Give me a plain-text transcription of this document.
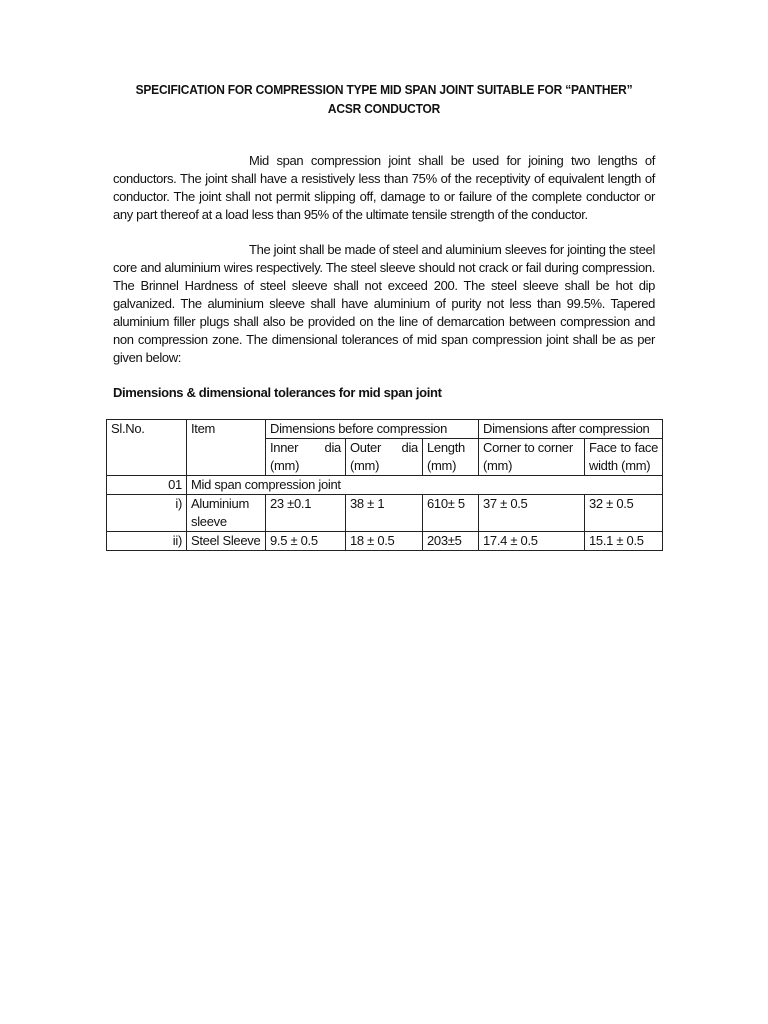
SPECIFICATION FOR COMPRESSION TYPE MID SPAN JOINT SUITABLE FOR “PANTHER”
ACSR CONDUCTOR
Mid span compression joint shall be used for joining two lengths of conductors. The joint shall have a resistively less than 75% of the receptivity of equivalent length of conductor. The joint shall not permit slipping off, damage to or failure of the complete conductor or any part thereof at a load less than 95% of the ultimate tensile strength of the conductor.
The joint shall be made of steel and aluminium sleeves for jointing the steel core and aluminium wires respectively. The steel sleeve should not crack or fail during compression. The Brinnel Hardness of steel sleeve shall not exceed 200. The steel sleeve shall be hot dip galvanized. The aluminium sleeve shall have aluminium of purity not less than 99.5%. Tapered aluminium filler plugs shall also be provided on the line of demarcation between compression and non compression zone. The dimensional tolerances of mid span compression joint shall be as per given below:
Dimensions & dimensional tolerances for mid span joint
Sl.No.	Item	Dimensions before compression			Dimensions after compression	
		Inner dia (mm)	Outer dia (mm)	Length (mm)	Corner to corner (mm)	Face to face width (mm)
01	Mid span compression joint					
i)	Aluminium sleeve	23 ±0.1	38 ± 1	610± 5	37 ± 0.5	32 ± 0.5
ii)	Steel Sleeve	9.5 ± 0.5	18 ± 0.5	203±5	17.4 ± 0.5	15.1 ± 0.5
